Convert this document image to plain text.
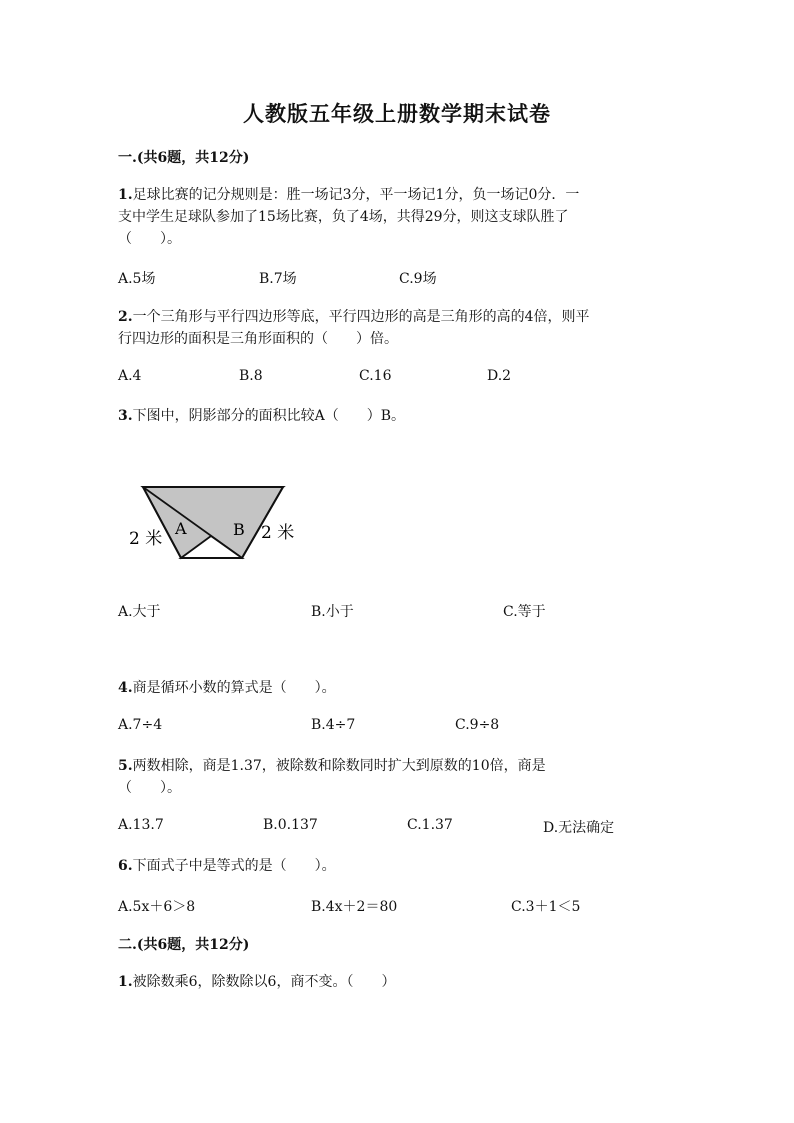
人教版五年级上册数学期末试卷
一.(共6题，共12分)
1.足球比赛的记分规则是：胜一场记3分，平一场记1分，负一场记0分．一
支中学生足球队参加了15场比赛，负了4场，共得29分，则这支球队胜了
（　　）。
A.5场	B.7场	C.9场
2.一个三角形与平行四边形等底，平行四边形的高是三角形的高的4倍，则平
行四边形的面积是三角形面积的（　　）倍。
A.4	B.8	C.16	D.2
3.下图中，阴影部分的面积比较A（　　）B。
A	B
2 米	2 米
A.大于	B.小于	C.等于
4.商是循环小数的算式是（　　）。
A.7÷4	B.4÷7	C.9÷8
5.两数相除，商是1.37，被除数和除数同时扩大到原数的10倍，商是
（　　）。
A.13.7	B.0.137	C.1.37	D.无法确定
6.下面式子中是等式的是（　　）。
A.5x＋6＞8	B.4x＋2＝80	C.3＋1＜5
二.(共6题，共12分)
1.被除数乘6，除数除以6，商不变。（　　）
